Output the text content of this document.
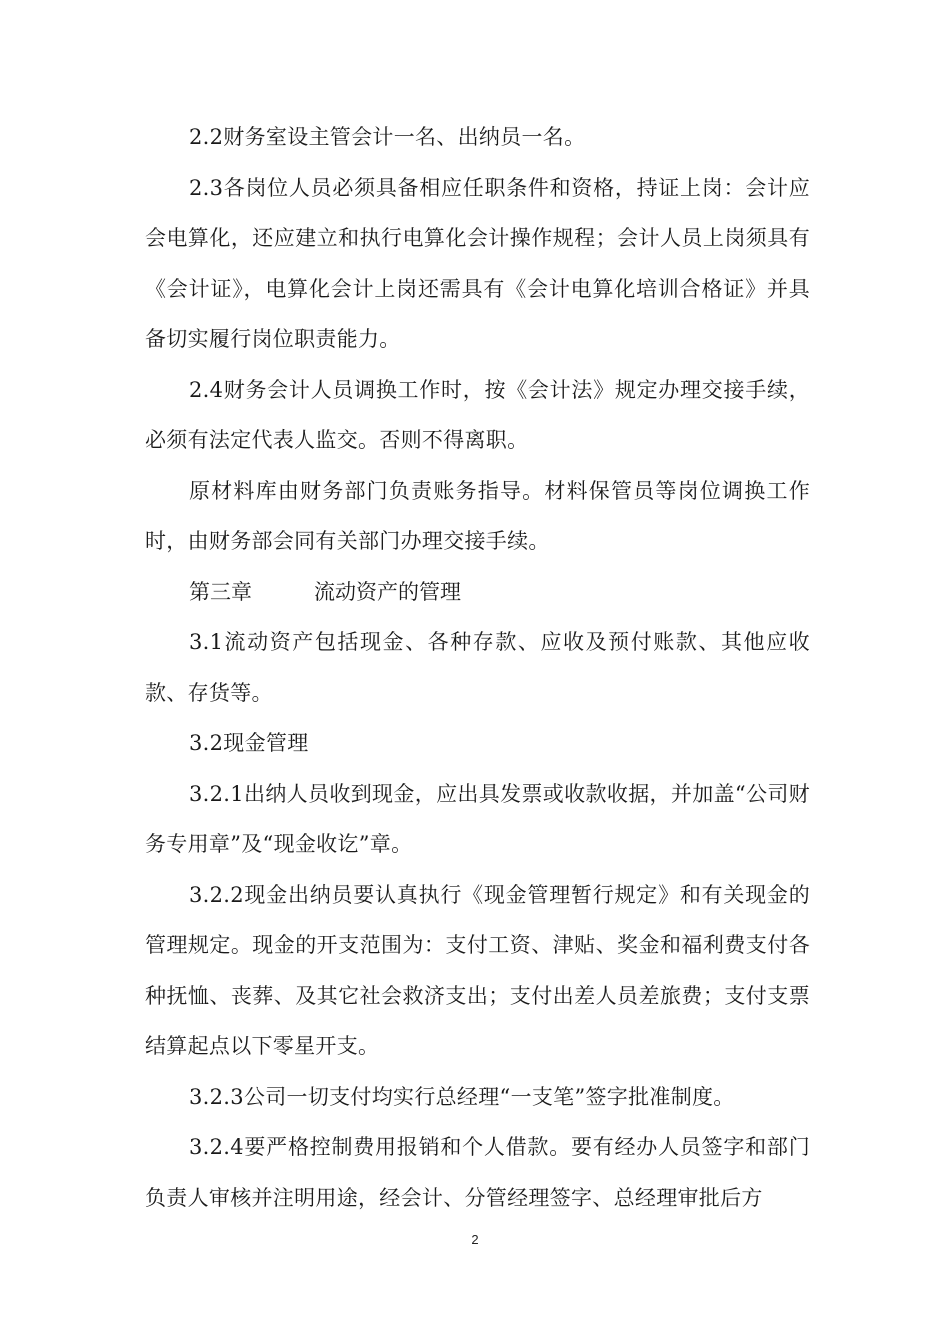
2.2财务室设主管会计一名、出纳员一名。

2.3各岗位人员必须具备相应任职条件和资格，持证上岗：会计应会电算化，还应建立和执行电算化会计操作规程；会计人员上岗须具有《会计证》，电算化会计上岗还需具有《会计电算化培训合格证》并具备切实履行岗位职责能力。

2.4财务会计人员调换工作时，按《会计法》规定办理交接手续，必须有法定代表人监交。否则不得离职。

原材料库由财务部门负责账务指导。材料保管员等岗位调换工作时，由财务部会同有关部门办理交接手续。

第三章	流动资产的管理

3.1流动资产包括现金、各种存款、应收及预付账款、其他应收款、存货等。

3.2现金管理

3.2.1出纳人员收到现金，应出具发票或收款收据，并加盖“公司财务专用章”及“现金收讫”章。

3.2.2现金出纳员要认真执行《现金管理暂行规定》和有关现金的管理规定。现金的开支范围为：支付工资、津贴、奖金和福利费支付各种抚恤、丧葬、及其它社会救济支出；支付出差人员差旅费；支付支票结算起点以下零星开支。

3.2.3公司一切支付均实行总经理“一支笔”签字批准制度。

3.2.4要严格控制费用报销和个人借款。要有经办人员签字和部门负责人审核并注明用途，经会计、分管经理签字、总经理审批后方

2
